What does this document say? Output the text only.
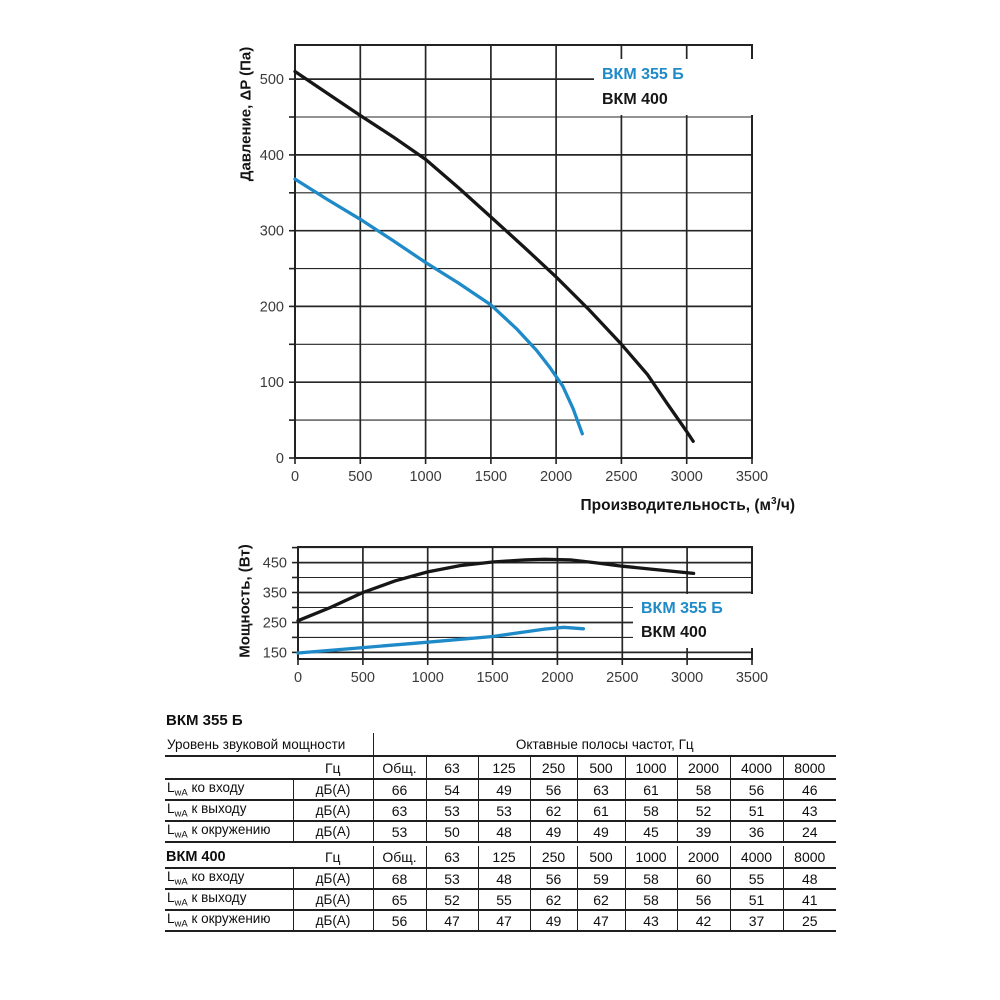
0	500	1000 1500 2000 2500 3000 3500
0
100
200
300
400
500
Давление, ΔP (Па)	ВКМ 355 Б
ВКМ 400
Производительность, $(м^3/ч)$
0	500	1000 1500 2000 2500 3000 3500
150
250
350
450
Мощность, (Вт)	ВКМ 355 Б
ВКМ 400
ВКМ 355 Б
Уровень звуковой мощности		Октавные полосы частот, Гц								
	Гц	Общ.	63	125	250	500	1000	2000	4000	8000
$L_{wA}$ ко входу	дБ(А)	66	54	49	56	63	61	58	56	46
$L_{wA}$ к выходу	дБ(А)	63	53	53	62	61	58	52	51	43
$L_{wA}$ к окружению	дБ(А)	53	50	48	49	49	45	39	36	24
ВКМ 400	Гц	Общ.	63	125	250	500	1000	2000	4000	8000
$L_{wA}$ ко входу	дБ(А)	68	53	48	56	59	58	60	55	48
$L_{wA}$ к выходу	дБ(А)	65	52	55	62	62	58	56	51	41
$L_{wA}$ к окружению	дБ(А)	56	47	47	49	47	43	42	37	25
